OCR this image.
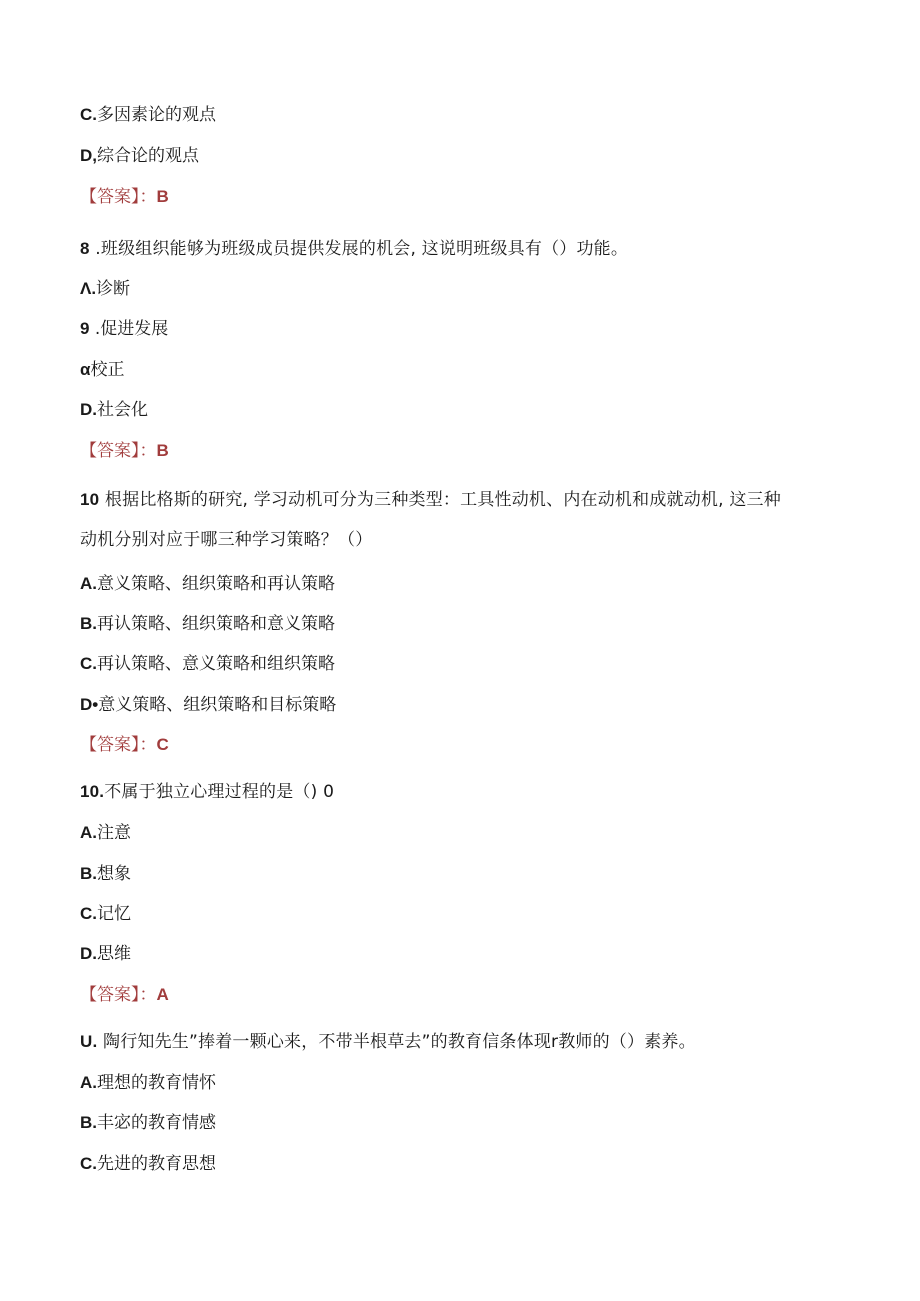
C.多因素论的观点
D,综合论的观点
【答案】：B
8 .班级组织能够为班级成员提供发展的机会, 这说明班级具有（）功能。
Λ.诊断
9 .促进发展
α校正
D.社会化
【答案】：B
10 根据比格斯的研究, 学习动机可分为三种类型：工具性动机、内在动机和成就动机, 这三种
动机分别对应于哪三种学习策略？（）
A.意义策略、组织策略和再认策略
B.再认策略、组织策略和意义策略
C.再认策略、意义策略和组织策略
D•意义策略、组织策略和目标策略
【答案】：C
10.不属于独立心理过程的是（) 0
A.注意
B.想象
C.记忆
D.思维
【答案】：A
U. 陶行知先生”捧着一颗心来，不带半根草去”的教育信条体现r教师的（）素养。
A.理想的教育情怀
B.丰宓的教育情感
C.先进的教育思想
